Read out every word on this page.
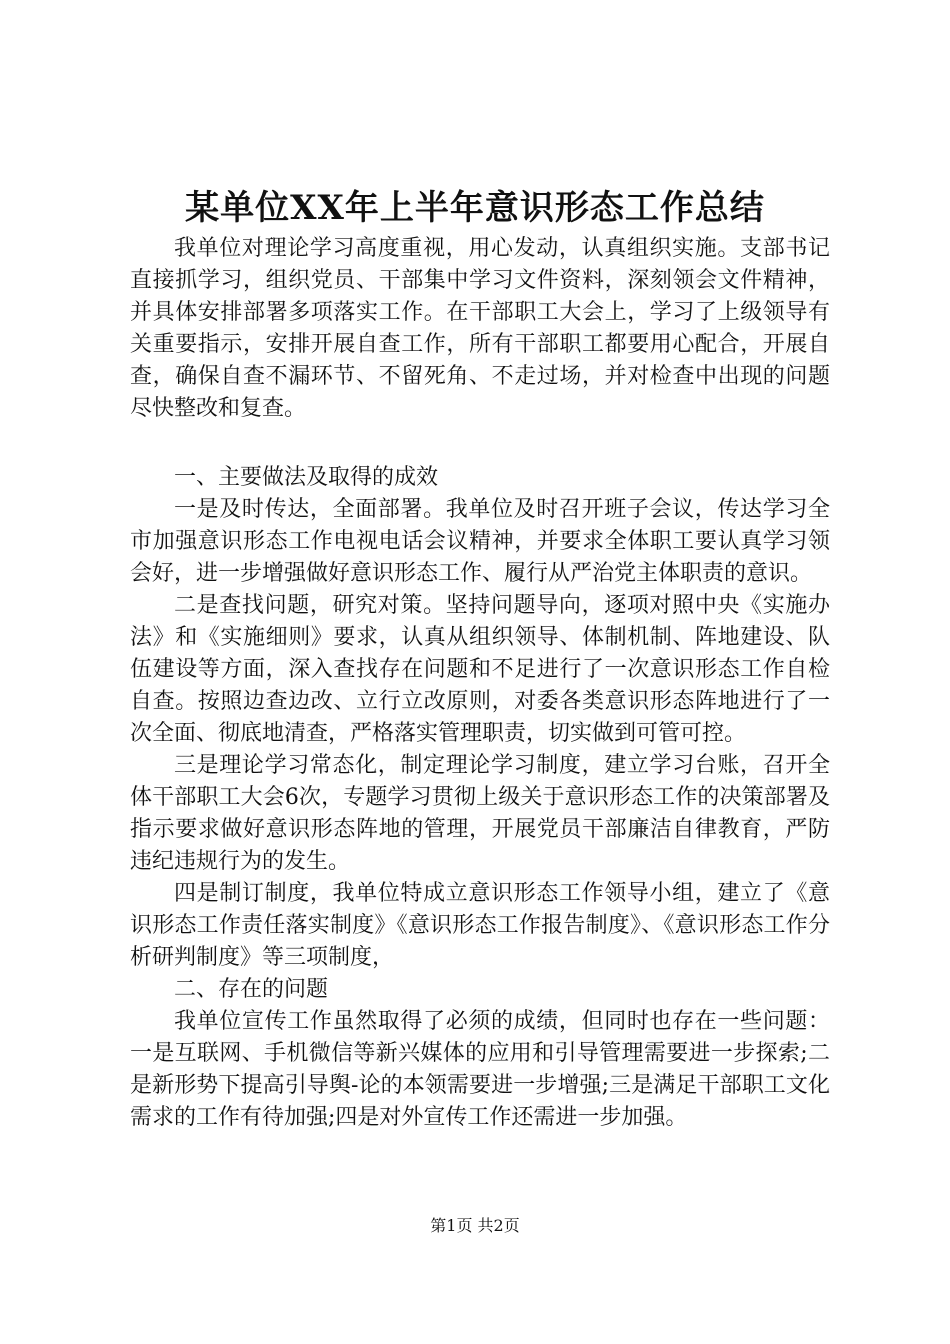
某单位XX年上半年意识形态工作总结

我单位对理论学习高度重视，用心发动，认真组织实施。支部书记直接抓学习，组织党员、干部集中学习文件资料，深刻领会文件精神，并具体安排部署多项落实工作。在干部职工大会上，学习了上级领导有关重要指示，安排开展自查工作，所有干部职工都要用心配合，开展自查，确保自查不漏环节、不留死角、不走过场，并对检查中出现的问题尽快整改和复查。

一、主要做法及取得的成效

一是及时传达，全面部署。我单位及时召开班子会议，传达学习全市加强意识形态工作电视电话会议精神，并要求全体职工要认真学习领会好，进一步增强做好意识形态工作、履行从严治党主体职责的意识。

二是查找问题，研究对策。坚持问题导向，逐项对照中央《实施办法》和《实施细则》要求，认真从组织领导、体制机制、阵地建设、队伍建设等方面，深入查找存在问题和不足进行了一次意识形态工作自检自查。按照边查边改、立行立改原则，对委各类意识形态阵地进行了一次全面、彻底地清查，严格落实管理职责，切实做到可管可控。

三是理论学习常态化，制定理论学习制度，建立学习台账，召开全体干部职工大会6次，专题学习贯彻上级关于意识形态工作的决策部署及指示要求做好意识形态阵地的管理，开展党员干部廉洁自律教育，严防违纪违规行为的发生。

四是制订制度，我单位特成立意识形态工作领导小组，建立了《意识形态工作责任落实制度》《意识形态工作报告制度》、《意识形态工作分析研判制度》等三项制度，

二、存在的问题

我单位宣传工作虽然取得了必须的成绩，但同时也存在一些问题：一是互联网、手机微信等新兴媒体的应用和引导管理需要进一步探索;二是新形势下提高引导舆-论的本领需要进一步增强;三是满足干部职工文化需求的工作有待加强;四是对外宣传工作还需进一步加强。

第1页 共2页
